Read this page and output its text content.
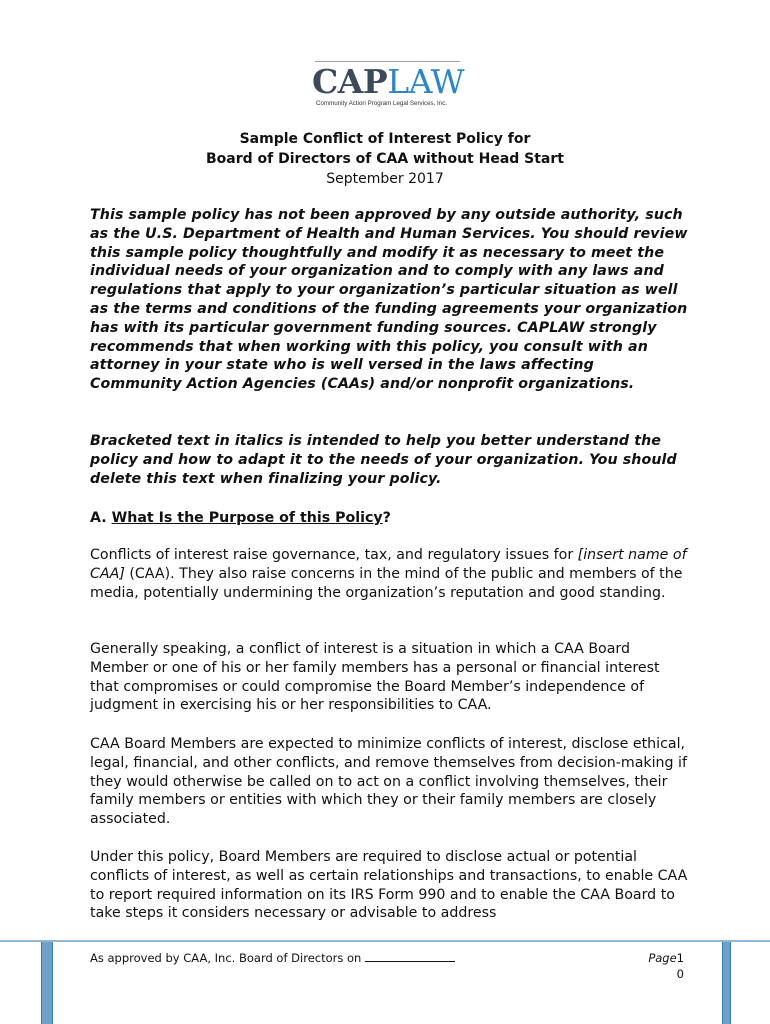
CAPLAW
Community Action Program Legal Services, Inc.
Sample Conflict of Interest Policy for
Board of Directors of CAA without Head Start
September 2017
This sample policy has not been approved by any outside authority, such as the U.S. Department of Health and Human Services. You should review this sample policy thoughtfully and modify it as necessary to meet the individual needs of your organization and to comply with any laws and regulations that apply to your organization’s particular situation as well as the terms and conditions of the funding agreements your organization has with its particular government funding sources. CAPLAW strongly recommends that when working with this policy, you consult with an attorney in your state who is well versed in the laws affecting Community Action Agencies (CAAs) and/or nonprofit organizations.
Bracketed text in italics is intended to help you better understand the policy and how to adapt it to the needs of your organization. You should delete this text when finalizing your policy.
A. What Is the Purpose of this Policy?
Conflicts of interest raise governance, tax, and regulatory issues for [insert name of CAA] (CAA). They also raise concerns in the mind of the public and members of the media, potentially undermining the organization’s reputation and good standing.
Generally speaking, a conflict of interest is a situation in which a CAA Board Member or one of his or her family members has a personal or financial interest that compromises or could compromise the Board Member’s independence of judgment in exercising his or her responsibilities to CAA.
CAA Board Members are expected to minimize conflicts of interest, disclose ethical, legal, financial, and other conflicts, and remove themselves from decision-making if they would otherwise be called on to act on a conflict involving themselves, their family members or entities with which they or their family members are closely associated.
Under this policy, Board Members are required to disclose actual or potential conflicts of interest, as well as certain relationships and transactions, to enable CAA to report required information on its IRS Form 990 and to enable the CAA Board to take steps it considers necessary or advisable to address
As approved by CAA, Inc. Board of Directors on	Page1
0
